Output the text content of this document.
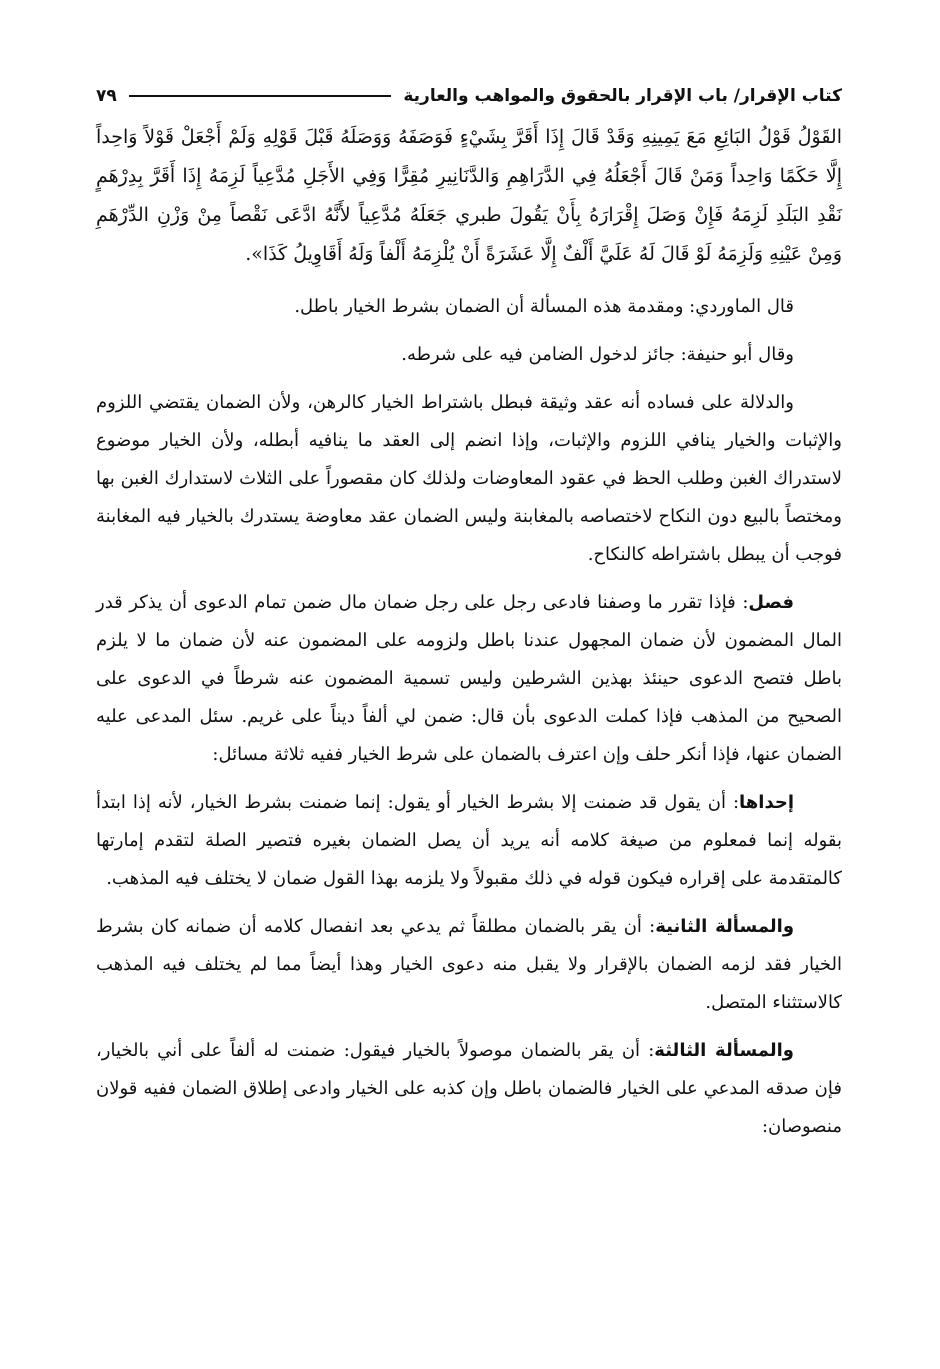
كتاب الإقرار/ باب الإقرار بالحقوق والمواهب والعارية
٧٩

القَوْلُ قَوْلُ البَائِعِ مَعَ يَمِينِهِ وَقَدْ قَالَ إِذَا أَقَرَّ بِشَيْءٍ فَوَصَفَهُ وَوَصَلَهُ قَبْلَ قَوْلِهِ وَلَمْ أَجْعَلْ قَوْلاً وَاحِداً إِلَّا حَكَمًا وَاحِداً وَمَنْ قَالَ أَجْعَلُهُ فِي الدَّرَاهِمِ وَالدَّنَانِيرِ مُقِرًّا وَفِي الأَجَلِ مُدَّعِياً لَزِمَهُ إِذَا أَقَرَّ بِدِرْهَمٍ نَقْدِ البَلَدِ لَزِمَهُ فَإِنْ وَصَلَ إِقْرَارَهُ بِأَنْ يَقُولَ طبري جَعَلَهُ مُدَّعِياً لأَنَّهُ ادَّعَى نَقْصاً مِنْ وَزْنِ الدِّرْهَمِ وَمِنْ عَيْنِهِ وَلَزِمَهُ لَوْ قَالَ لَهُ عَلَيَّ أَلْفٌ إِلَّا عَشَرَةً أَنْ يُلْزِمَهُ أَلْفاً وَلَهُ أَقَاوِيلُ كَذَا».

قال الماوردي: ومقدمة هذه المسألة أن الضمان بشرط الخيار باطل.

وقال أبو حنيفة: جائز لدخول الضامن فيه على شرطه.

والدلالة على فساده أنه عقد وثيقة فبطل باشتراط الخيار كالرهن، ولأن الضمان يقتضي اللزوم والإثبات والخيار ينافي اللزوم والإثبات، وإذا انضم إلى العقد ما ينافيه أبطله، ولأن الخيار موضوع لاستدراك الغبن وطلب الحظ في عقود المعاوضات ولذلك كان مقصوراً على الثلاث لاستدارك الغبن بها ومختصاً بالبيع دون النكاح لاختصاصه بالمغابنة وليس الضمان عقد معاوضة يستدرك بالخيار فيه المغابنة فوجب أن يبطل باشتراطه كالنكاح.

فصل: فإذا تقرر ما وصفنا فادعى رجل على رجل ضمان مال ضمن تمام الدعوى أن يذكر قدر المال المضمون لأن ضمان المجهول عندنا باطل ولزومه على المضمون عنه لأن ضمان ما لا يلزم باطل فتصح الدعوى حينئذ بهذين الشرطين وليس تسمية المضمون عنه شرطاً في الدعوى على الصحيح من المذهب فإذا كملت الدعوى بأن قال: ضمن لي ألفاً ديناً على غريم. سئل المدعى عليه الضمان عنها، فإذا أنكر حلف وإن اعترف بالضمان على شرط الخيار ففيه ثلاثة مسائل:

إحداها: أن يقول قد ضمنت إلا بشرط الخيار أو يقول: إنما ضمنت بشرط الخيار، لأنه إذا ابتدأ بقوله إنما فمعلوم من صيغة كلامه أنه يريد أن يصل الضمان بغيره فتصير الصلة لتقدم إمارتها كالمتقدمة على إقراره فيكون قوله في ذلك مقبولاً ولا يلزمه بهذا القول ضمان لا يختلف فيه المذهب.

والمسألة الثانية: أن يقر بالضمان مطلقاً ثم يدعي بعد انفصال كلامه أن ضمانه كان بشرط الخيار فقد لزمه الضمان بالإقرار ولا يقبل منه دعوى الخيار وهذا أيضاً مما لم يختلف فيه المذهب كالاستثناء المتصل.

والمسألة الثالثة: أن يقر بالضمان موصولاً بالخيار فيقول: ضمنت له ألفاً على أني بالخيار، فإن صدقه المدعي على الخيار فالضمان باطل وإن كذبه على الخيار وادعى إطلاق الضمان ففيه قولان منصوصان:
